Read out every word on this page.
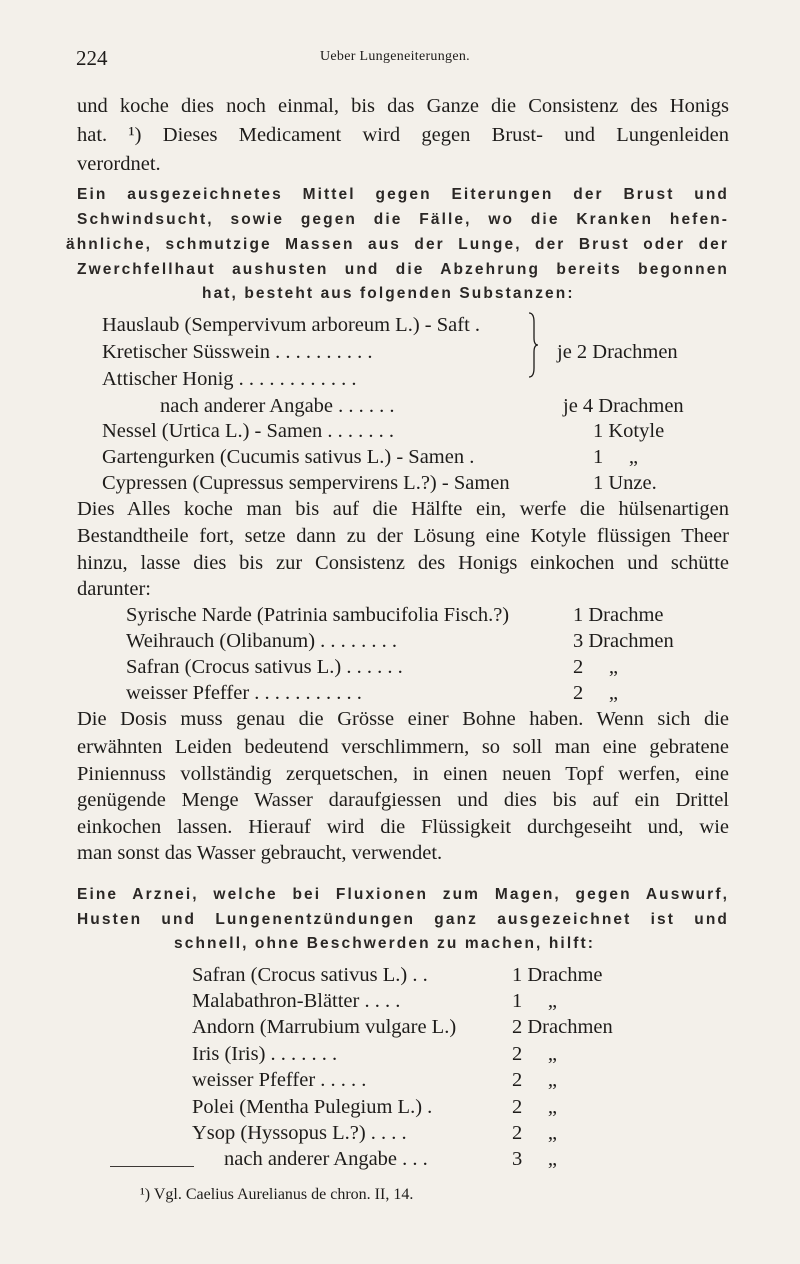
224	Ueber Lungeneiterungen.
und koche dies noch einmal, bis das Ganze die Consistenz des Honigs
hat. ¹) Dieses Medicament wird gegen Brust- und Lungenleiden
verordnet.
Ein ausgezeichnetes Mittel gegen Eiterungen der Brust und
Schwindsucht, sowie gegen die Fälle, wo die Kranken hefen-
ähnliche, schmutzige Massen aus der Lunge, der Brust oder der
Zwerchfellhaut aushusten und die Abzehrung bereits begonnen
hat, besteht aus folgenden Substanzen:
Hauslaub (Sempervivum arboreum L.) - Saft .
Kretischer Süsswein . . . . . . . . . .
Attischer Honig . . . . . . . . . . . .
je 2 Drachmen
nach anderer Angabe . . . . . .	je 4 Drachmen
Nessel (Urtica L.) - Samen . . . . . . .	1 Kotyle
Gartengurken (Cucumis sativus L.) - Samen .	1     „
Cypressen (Cupressus sempervirens L.?) - Samen	1 Unze.
Dies Alles koche man bis auf die Hälfte ein, werfe die hülsenartigen
Bestandtheile fort, setze dann zu der Lösung eine Kotyle flüssigen Theer
hinzu, lasse dies bis zur Consistenz des Honigs einkochen und schütte
darunter:
Syrische Narde (Patrinia sambucifolia Fisch.?)	1 Drachme
Weihrauch (Olibanum) . . . . . . . .	3 Drachmen
Safran (Crocus sativus L.) . . . . . .	2     „
weisser Pfeffer . . . . . . . . . . .	2     „
Die Dosis muss genau die Grösse einer Bohne haben. Wenn sich die
erwähnten Leiden bedeutend verschlimmern, so soll man eine gebratene
Piniennuss vollständig zerquetschen, in einen neuen Topf werfen, eine
genügende Menge Wasser daraufgiessen und dies bis auf ein Drittel
einkochen lassen. Hierauf wird die Flüssigkeit durchgeseiht und, wie
man sonst das Wasser gebraucht, verwendet.
Eine Arznei, welche bei Fluxionen zum Magen, gegen Auswurf,
Husten und Lungenentzündungen ganz ausgezeichnet ist und
schnell, ohne Beschwerden zu machen, hilft:
Safran (Crocus sativus L.) . .	1 Drachme
Malabathron-Blätter . . . .	1     „
Andorn (Marrubium vulgare L.)	2 Drachmen
Iris (Iris) . . . . . . .	2     „
weisser Pfeffer . . . . .	2     „
Polei (Mentha Pulegium L.) .	2     „
Ysop (Hyssopus L.?) . . . .	2     „
nach anderer Angabe . . .	3     „
¹) Vgl. Caelius Aurelianus de chron. II, 14.
